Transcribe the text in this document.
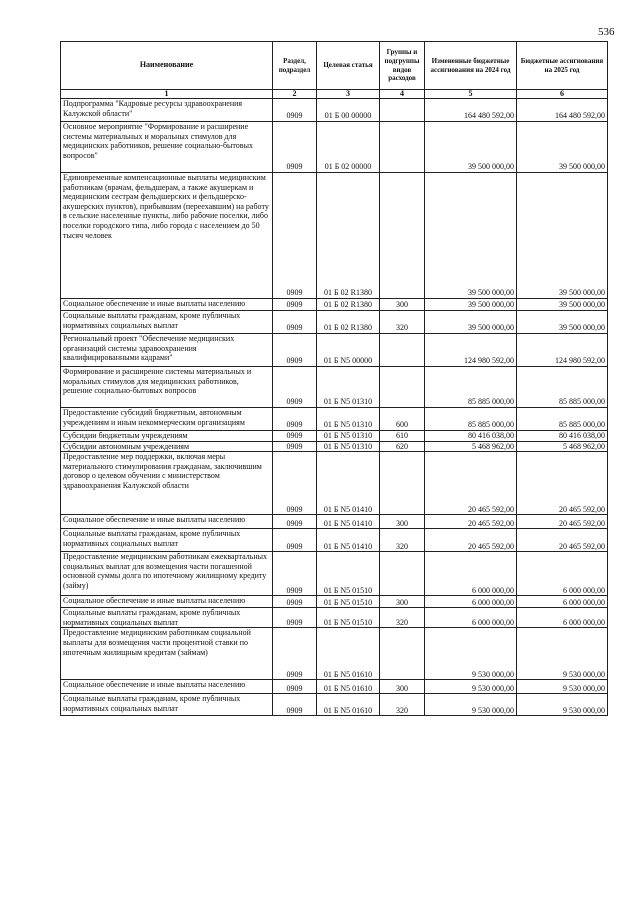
536
Наименование	Раздел, подраздел	Целевая статья	Группы и подгруппы видов расходов	Измененные бюджетные ассигнования на 2024 год	Бюджетные ассигнования на 2025 год
1	2	3	4	5	6
Подпрограмма "Кадровые ресурсы здравоохранения Калужской области"	0909	01 Б 00 00000		164 480 592,00	164 480 592,00
Основное мероприятие "Формирование и расширение системы материальных и моральных стимулов для медицинских работников, решение социально-бытовых вопросов"	0909	01 Б 02 00000		39 500 000,00	39 500 000,00
Единовременные компенсационные выплаты медицинским работникам (врачам, фельдшерам, а также акушеркам и медицинским сестрам фельдшерских и фельдшерско-акушерских пунктов), прибывшим (переехавшим) на работу в сельские населенные пункты, либо рабочие поселки, либо поселки городского типа, либо города с населением до 50 тысяч человек	0909	01 Б 02 R1380		39 500 000,00	39 500 000,00
Социальное обеспечение и иные выплаты населению	0909	01 Б 02 R1380	300	39 500 000,00	39 500 000,00
Социальные выплаты гражданам, кроме публичных нормативных социальных выплат	0909	01 Б 02 R1380	320	39 500 000,00	39 500 000,00
Региональный проект "Обеспечение медицинских организаций системы здравоохранения квалифицированными кадрами"	0909	01 Б N5 00000		124 980 592,00	124 980 592,00
Формирование и расширение системы материальных и моральных стимулов для медицинских работников, решение социально-бытовых вопросов	0909	01 Б N5 01310		85 885 000,00	85 885 000,00
Предоставление субсидий бюджетным, автономным учреждениям и иным некоммерческим организациям	0909	01 Б N5 01310	600	85 885 000,00	85 885 000,00
Субсидии бюджетным учреждениям	0909	01 Б N5 01310	610	80 416 038,00	80 416 038,00
Субсидии автономным учреждениям	0909	01 Б N5 01310	620	5 468 962,00	5 468 962,00
Предоставление мер поддержки, включая меры материального стимулирования гражданам, заключившим договор о целевом обучении с министерством здравоохранения Калужской области	0909	01 Б N5 01410		20 465 592,00	20 465 592,00
Социальное обеспечение и иные выплаты населению	0909	01 Б N5 01410	300	20 465 592,00	20 465 592,00
Социальные выплаты гражданам, кроме публичных нормативных социальных выплат	0909	01 Б N5 01410	320	20 465 592,00	20 465 592,00
Предоставление медицинским работникам ежеквартальных социальных выплат для возмещения части погашенной основной суммы долга по ипотечному жилищному кредиту (займу)	0909	01 Б N5 01510		6 000 000,00	6 000 000,00
Социальное обеспечение и иные выплаты населению	0909	01 Б N5 01510	300	6 000 000,00	6 000 000,00
Социальные выплаты гражданам, кроме публичных нормативных социальных выплат	0909	01 Б N5 01510	320	6 000 000,00	6 000 000,00
Предоставление медицинским работникам социальной выплаты для возмещения части процентной ставки по ипотечным жилищным кредитам (займам)	0909	01 Б N5 01610		9 530 000,00	9 530 000,00
Социальное обеспечение и иные выплаты населению	0909	01 Б N5 01610	300	9 530 000,00	9 530 000,00
Социальные выплаты гражданам, кроме публичных нормативных социальных выплат	0909	01 Б N5 01610	320	9 530 000,00	9 530 000,00
